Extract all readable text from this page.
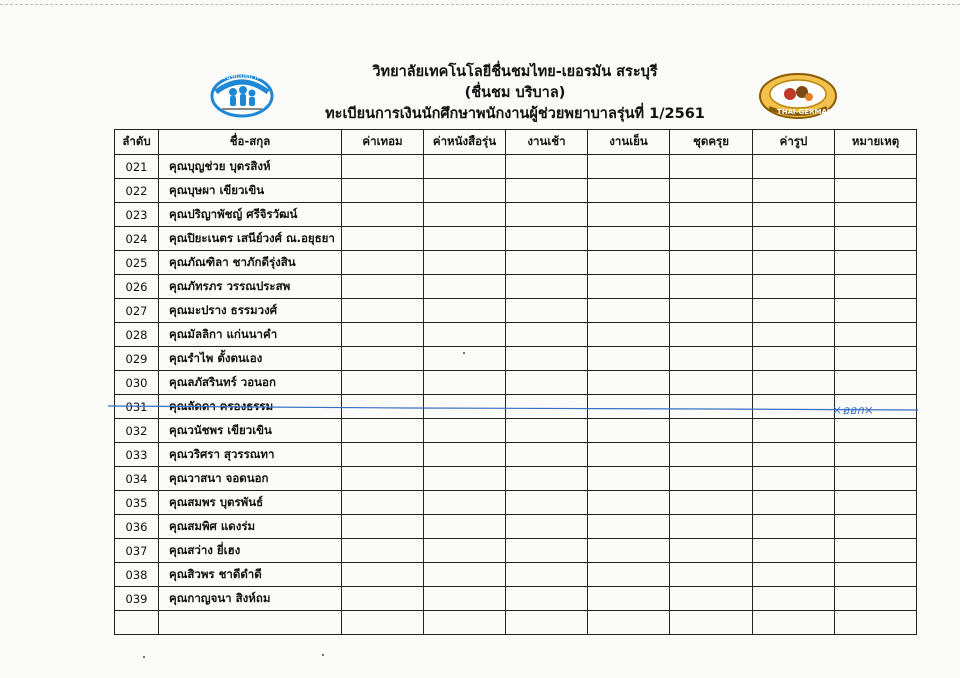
ชื่นชมบริบาล
THAI-GERMAN
วิทยาลัยเทคโนโลยีชื่นชมไทย-เยอรมัน สระบุรี
(ชื่นชม บริบาล)
ทะเบียนการเงินนักศึกษาพนักงานผู้ช่วยพยาบาลรุ่นที่ 1/2561
ลำดับ	ชื่อ-สกุล	ค่าเทอม	ค่าหนังสือรุ่น	งานเช้า	งานเย็น	ชุดครุย	ค่ารูป	หมายเหตุ
021	คุณบุญช่วย บุตรสิงห์							
022	คุณบุษผา เขียวเขิน							
023	คุณปริญาพัชญ์ ศรีจิรวัฒน์							
024	คุณปิยะเนตร เสนีย์วงศ์ ณ.อยุธยา							
025	คุณภัณฑิลา ชาภักดีรุ่งสิน							
026	คุณภัทรภร วรรณประสพ							
027	คุณมะปราง ธรรมวงศ์							
028	คุณมัลลิกา แก่นนาคำ							
029	คุณรำไพ ตั้งตนเอง							
030	คุณลภัสรินทร์ วอนอก							
031	คุณลัดดา ครองธรรม							
032	คุณวนัชพร เขียวเขิน							
033	คุณวริศรา สุวรรณทา							
034	คุณวาสนา จอดนอก							
035	คุณสมพร บุตรพันธ์							
036	คุณสมพิศ แดงร่ม							
037	คุณสว่าง ยี่เฮง							
038	คุณสิวพร ชาดีดำดี							
039	คุณกาญจนา สิงห์ถม							

×ออก×
